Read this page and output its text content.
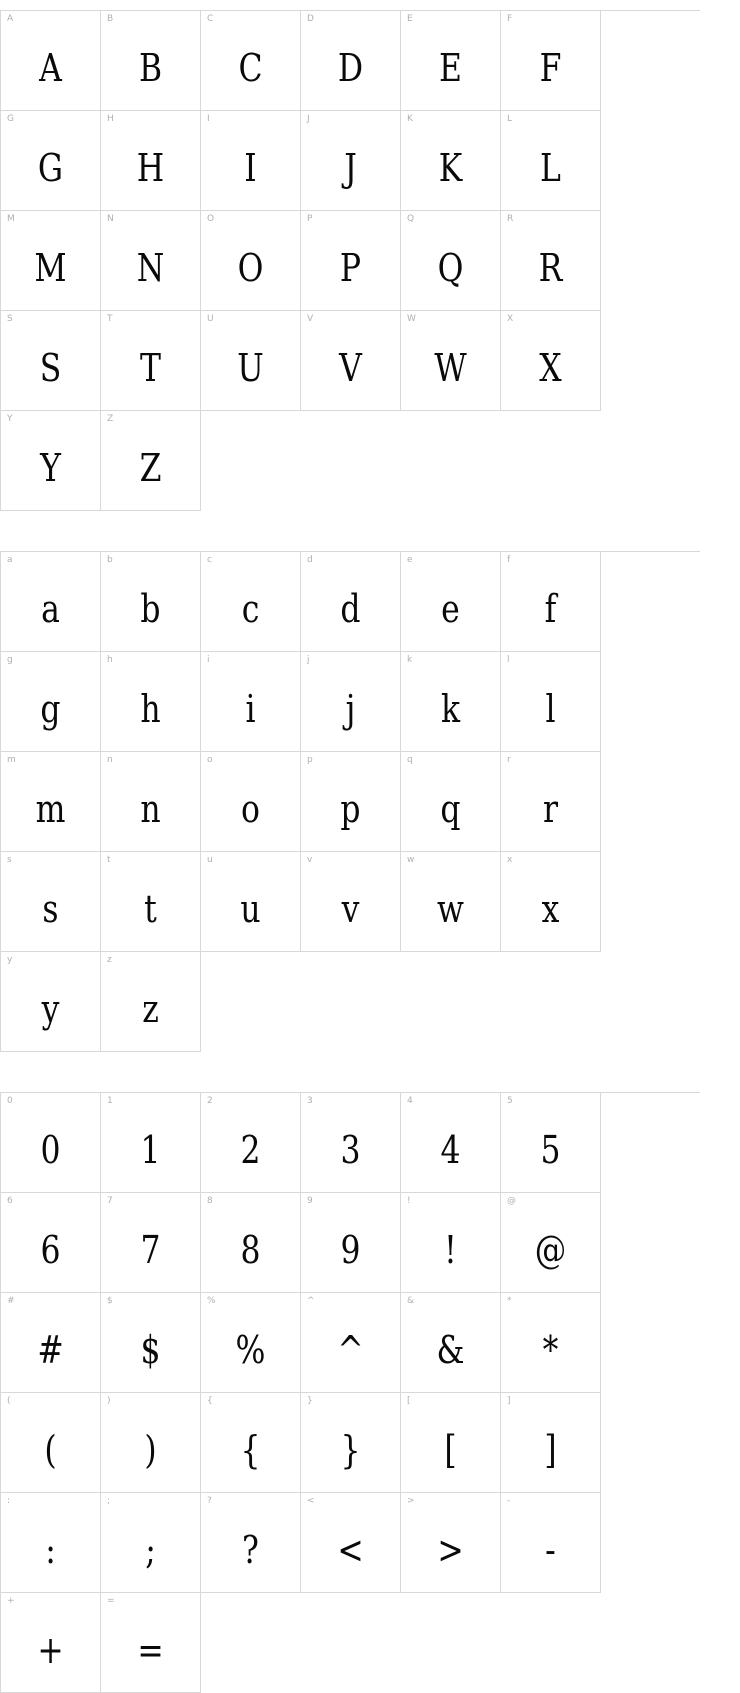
A
A
B
B
C
C
D
D
E
E
F
F
G
G
H
H
I
I
J
J
K
K
L
L
M
M
N
N
O
O
P
P
Q
Q
R
R
S
S
T
T
U
U
V
V
W
W
X
X
Y
Y
Z
Z
a
a
b
b
c
c
d
d
e
e
f
f
g
g
h
h
i
i
j
j
k
k
l
l
m
m
n
n
o
o
p
p
q
q
r
r
s
s
t
t
u
u
v
v
w
w
x
x
y
y
z
z
0
0
1
1
2
2
3
3
4
4
5
5
6
6
7
7
8
8
9
9
!
!
@
@
#
#
$
$
%
%
^
^
&
&
*
*
(
(
)
)
{
{
}
}
[
[
]
]
:
:
;
;
?
?
<
<
>
>
-
-
+
+
=
=
